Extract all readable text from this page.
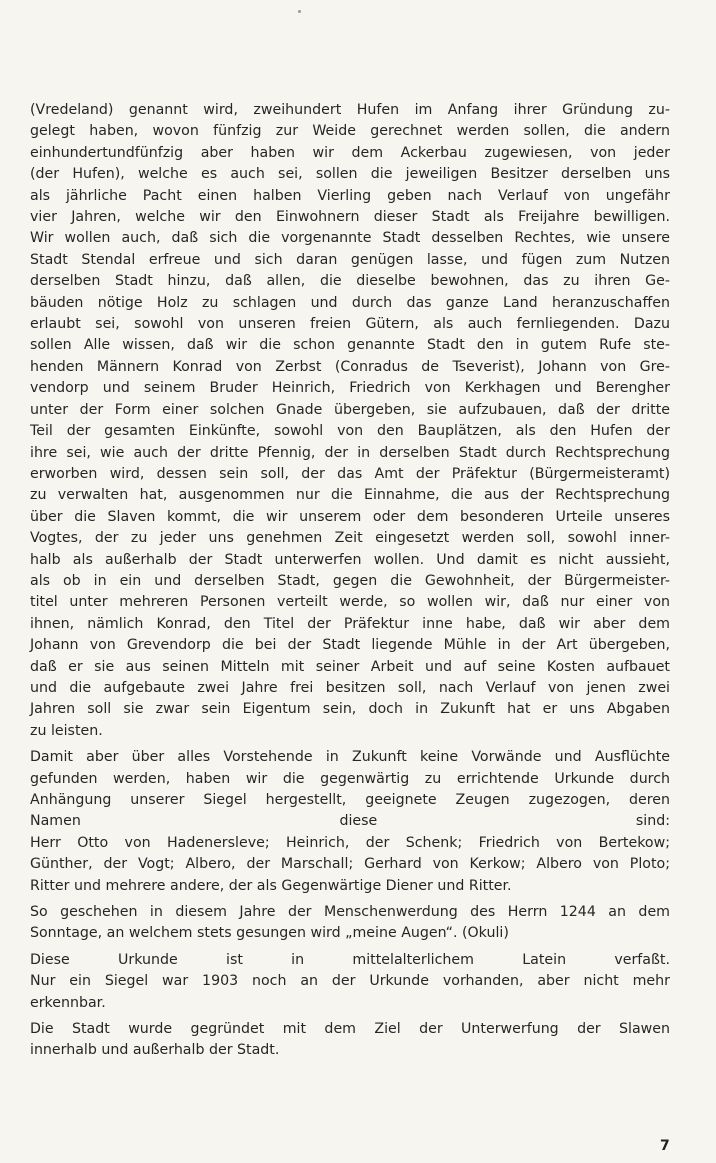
(Vredeland) genannt wird, zweihundert Hufen im Anfang ihrer Gründung zu-
gelegt haben, wovon fünfzig zur Weide gerechnet werden sollen, die andern
einhundertundfünfzig aber haben wir dem Ackerbau zugewiesen, von jeder
(der Hufen), welche es auch sei, sollen die jeweiligen Besitzer derselben uns
als jährliche Pacht einen halben Vierling geben nach Verlauf von ungefähr
vier Jahren, welche wir den Einwohnern dieser Stadt als Freijahre bewilligen.
Wir wollen auch, daß sich die vorgenannte Stadt desselben Rechtes, wie unsere
Stadt Stendal erfreue und sich daran genügen lasse, und fügen zum Nutzen
derselben Stadt hinzu, daß allen, die dieselbe bewohnen, das zu ihren Ge-
bäuden nötige Holz zu schlagen und durch das ganze Land heranzuschaffen
erlaubt sei, sowohl von unseren freien Gütern, als auch fernliegenden. Dazu
sollen Alle wissen, daß wir die schon genannte Stadt den in gutem Rufe ste-
henden Männern Konrad von Zerbst (Conradus de Tseverist), Johann von Gre-
vendorp und seinem Bruder Heinrich, Friedrich von Kerkhagen und Berengher
unter der Form einer solchen Gnade übergeben, sie aufzubauen, daß der dritte
Teil der gesamten Einkünfte, sowohl von den Bauplätzen, als den Hufen der
ihre sei, wie auch der dritte Pfennig, der in derselben Stadt durch Rechtsprechung
erworben wird, dessen sein soll, der das Amt der Präfektur (Bürgermeisteramt)
zu verwalten hat, ausgenommen nur die Einnahme, die aus der Rechtsprechung
über die Slaven kommt, die wir unserem oder dem besonderen Urteile unseres
Vogtes, der zu jeder uns genehmen Zeit eingesetzt werden soll, sowohl inner-
halb als außerhalb der Stadt unterwerfen wollen. Und damit es nicht aussieht,
als ob in ein und derselben Stadt, gegen die Gewohnheit, der Bürgermeister-
titel unter mehreren Personen verteilt werde, so wollen wir, daß nur einer von
ihnen, nämlich Konrad, den Titel der Präfektur inne habe, daß wir aber dem
Johann von Grevendorp die bei der Stadt liegende Mühle in der Art übergeben,
daß er sie aus seinen Mitteln mit seiner Arbeit und auf seine Kosten aufbauet
und die aufgebaute zwei Jahre frei besitzen soll, nach Verlauf von jenen zwei
Jahren soll sie zwar sein Eigentum sein, doch in Zukunft hat er uns Abgaben
zu leisten.
Damit aber über alles Vorstehende in Zukunft keine Vorwände und Ausflüchte
gefunden werden, haben wir die gegenwärtig zu errichtende Urkunde durch
Anhängung unserer Siegel hergestellt, geeignete Zeugen zugezogen, deren
Namen diese sind:
Herr Otto von Hadenersleve; Heinrich, der Schenk; Friedrich von Bertekow;
Günther, der Vogt; Albero, der Marschall; Gerhard von Kerkow; Albero von Ploto;
Ritter und mehrere andere, der als Gegenwärtige Diener und Ritter.
So geschehen in diesem Jahre der Menschenwerdung des Herrn 1244 an dem
Sonntage, an welchem stets gesungen wird „meine Augen“. (Okuli)
Diese Urkunde ist in mittelalterlichem Latein verfaßt.
Nur ein Siegel war 1903 noch an der Urkunde vorhanden, aber nicht mehr
erkennbar.
Die Stadt wurde gegründet mit dem Ziel der Unterwerfung der Slawen
innerhalb und außerhalb der Stadt.
7
